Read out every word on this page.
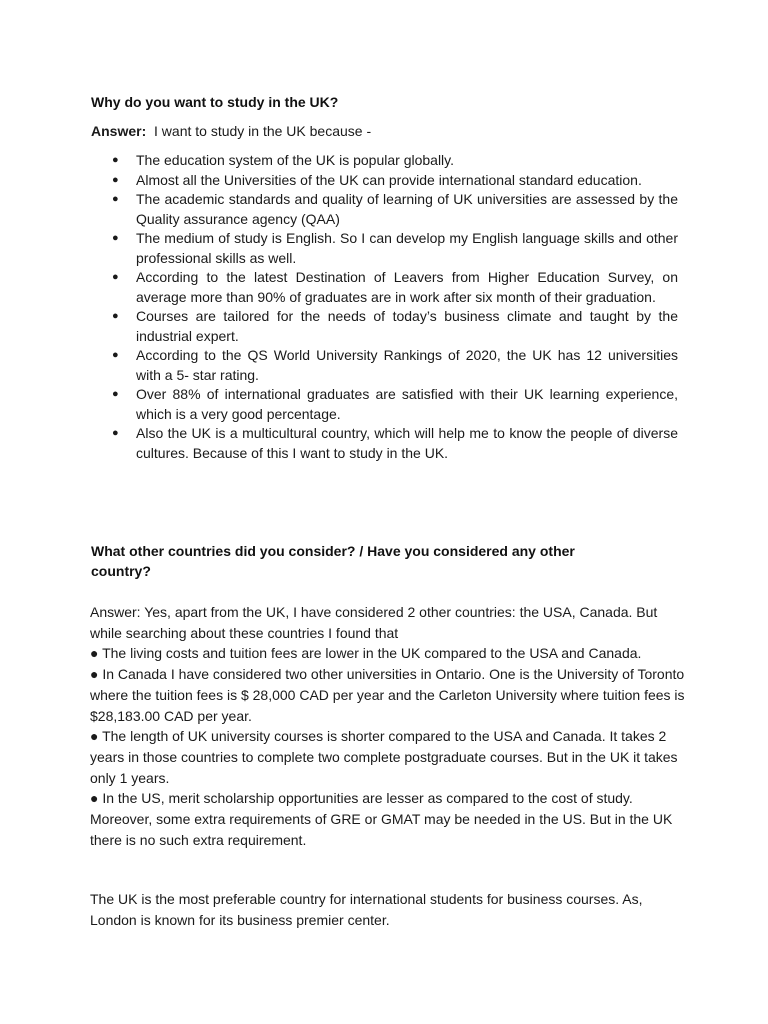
Why do you want to study in the UK?
Answer: I want to study in the UK because -
● The education system of the UK is popular globally.
● Almost all the Universities of the UK can provide international standard education.
● The academic standards and quality of learning of UK universities are assessed by the Quality assurance agency (QAA)
● The medium of study is English. So I can develop my English language skills and other professional skills as well.
● According to the latest Destination of Leavers from Higher Education Survey, on average more than 90% of graduates are in work after six month of their graduation.
● Courses are tailored for the needs of today’s business climate and taught by the industrial expert.
● According to the QS World University Rankings of 2020, the UK has 12 universities with a 5- star rating.
● Over 88% of international graduates are satisfied with their UK learning experience, which is a very good percentage.
● Also the UK is a multicultural country, which will help me to know the people of diverse cultures. Because of this I want to study in the UK.
What other countries did you consider? / Have you considered any other
country?

Answer: Yes, apart from the UK, I have considered 2 other countries: the USA, Canada. But while searching about these countries I found that

● The living costs and tuition fees are lower in the UK compared to the USA and Canada.

● In Canada I have considered two other universities in Ontario. One is the University of Toronto where the tuition fees is $ 28,000 CAD per year and the Carleton University where tuition fees is $28,183.00 CAD per year.

● The length of UK university courses is shorter compared to the USA and Canada. It takes 2 years in those countries to complete two complete postgraduate courses. But in the UK it takes only 1 years.

● In the US, merit scholarship opportunities are lesser as compared to the cost of study. Moreover, some extra requirements of GRE or GMAT may be needed in the US. But in the UK there is no such extra requirement.

The UK is the most preferable country for international students for business courses. As, London is known for its business premier center.
